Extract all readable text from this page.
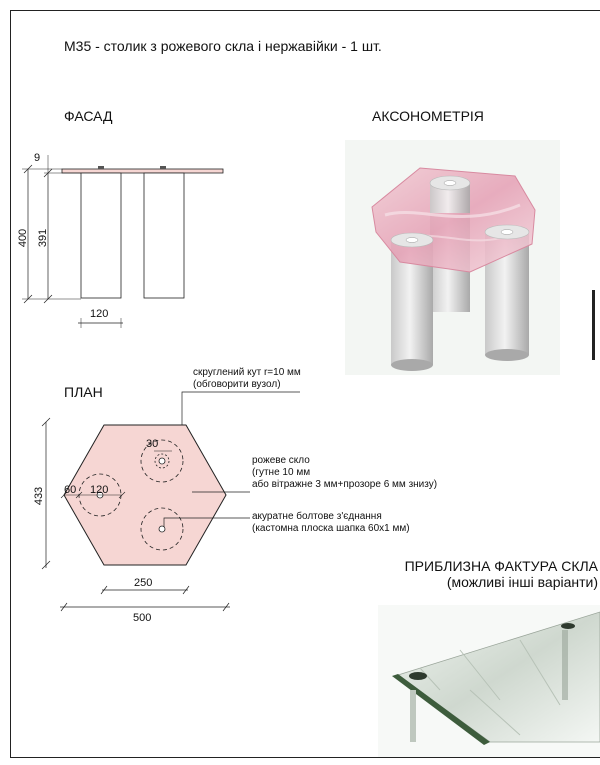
М35 - столик з рожевого скла і нержавійки - 1 шт.
ФАСАД	АКСОНОМЕТРІЯ
ПЛАН
9
400 391
120
30
60 120
433
250
500
скруглений кут r=10 мм
(обговорити вузол)
рожеве скло
(гутне 10 мм
або вітражне 3 мм+прозоре 6 мм знизу)
акуратне болтове з'єднання
(кастомна плоска шапка 60х1 мм)
ПРИБЛИЗНА ФАКТУРА СКЛА
(можливі інші варіанти)
